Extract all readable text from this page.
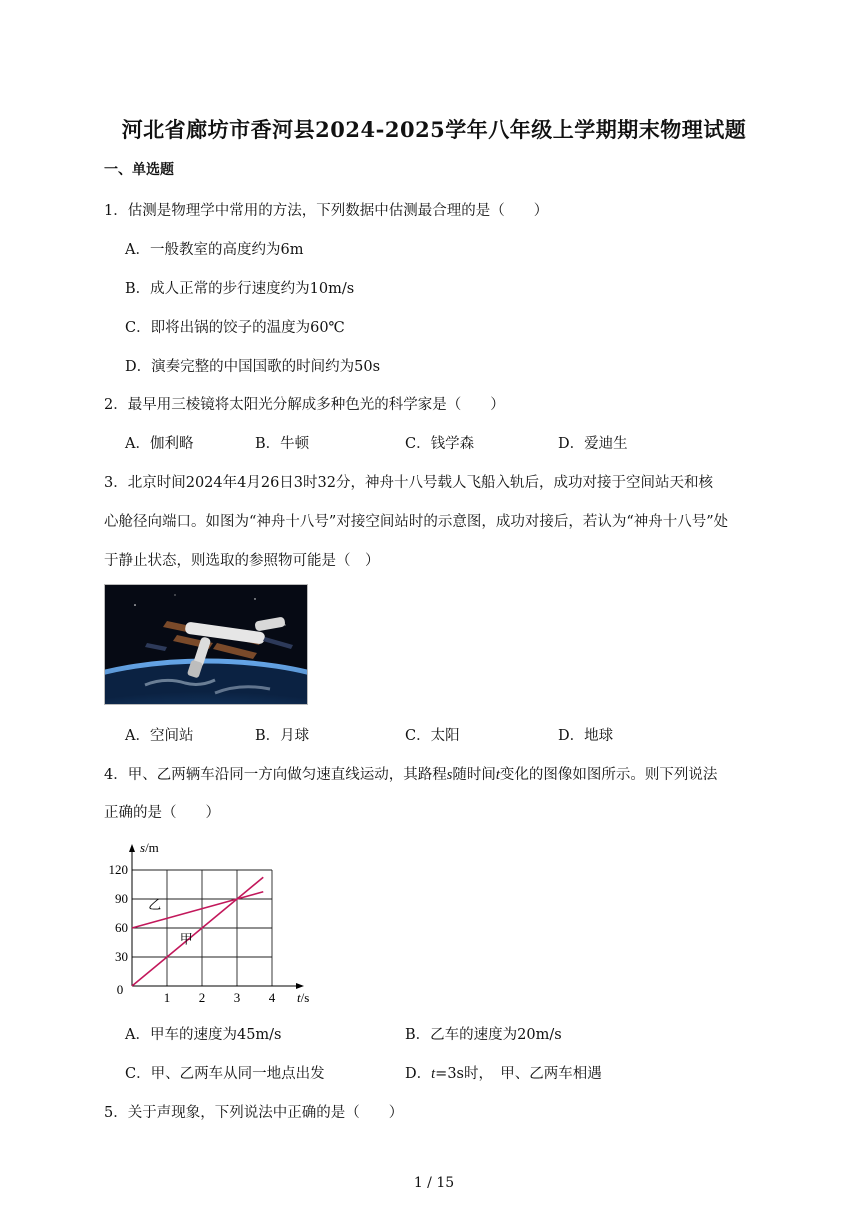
河北省廊坊市香河县2024-2025学年八年级上学期期末物理试题
一、单选题
1．估测是物理学中常用的方法，下列数据中估测最合理的是（　　）
A．一般教室的高度约为6m
B．成人正常的步行速度约为10m/s
C．即将出锅的饺子的温度为60℃
D．演奏完整的中国国歌的时间约为50s
2．最早用三棱镜将太阳光分解成多种色光的科学家是（　　）
A．伽利略	B．牛顿	C．钱学森	D．爱迪生
3．北京时间2024年4月26日3时32分，神舟十八号载人飞船入轨后，成功对接于空间站天和核
心舱径向端口。如图为“神舟十八号”对接空间站时的示意图，成功对接后，若认为“神舟十八号”处
于静止状态，则选取的参照物可能是（　）
A．空间站	B．月球	C．太阳	D．地球
4．甲、乙两辆车沿同一方向做匀速直线运动，其路程s随时间t变化的图像如图所示。则下列说法
正确的是（　　）
1 2 3 4
30
60
90
120
0
s/m
t/s
甲
乙
A．甲车的速度为45m/s	B．乙车的速度为20m/s
C．甲、乙两车从同一地点出发	D．t=3s时，　甲、乙两车相遇
5．关于声现象，下列说法中正确的是（　　）
1 / 15
